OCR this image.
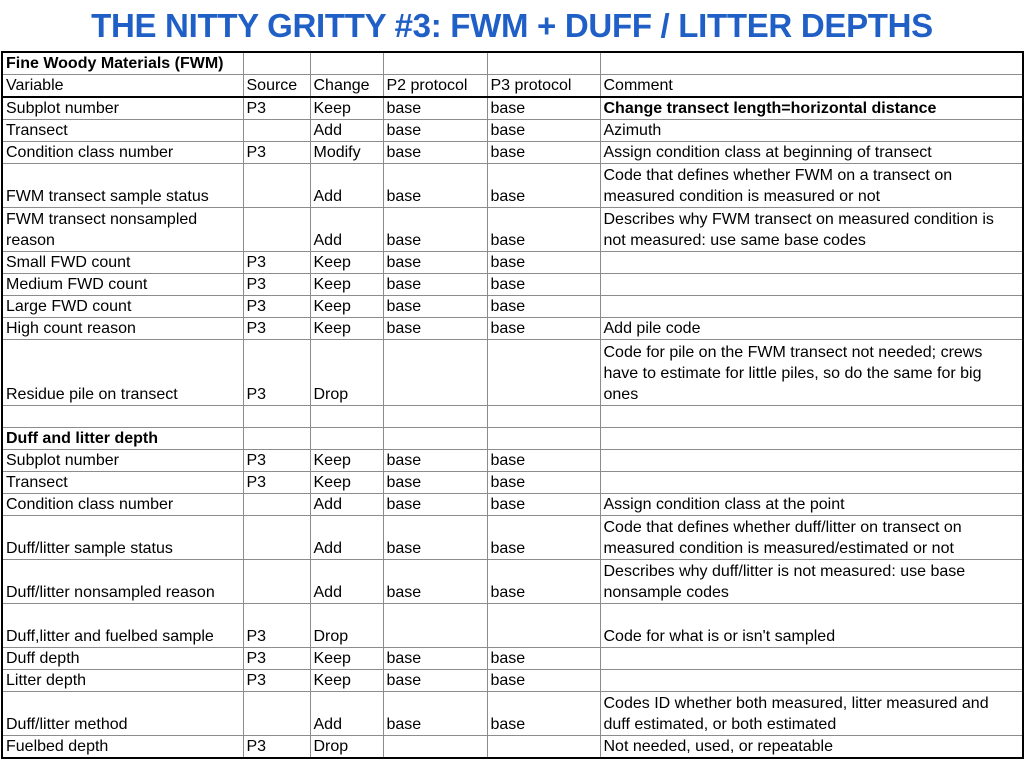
THE NITTY GRITTY #3: FWM + DUFF / LITTER DEPTHS
Fine Woody Materials (FWM)					
Variable	Source	Change	P2 protocol	P3 protocol	Comment
Subplot number	P3	Keep	base	base	Change transect length=horizontal distance
Transect		Add	base	base	Azimuth
Condition class number	P3	Modify	base	base	Assign condition class at beginning of transect
FWM transect sample status		Add	base	base	Code that defines whether FWM on a transect on measured condition is measured or not
FWM transect nonsampled reason		Add	base	base	Describes why FWM transect on measured condition is not measured: use same base codes
Small FWD count	P3	Keep	base	base	
Medium FWD count	P3	Keep	base	base	
Large FWD count	P3	Keep	base	base	
High count reason	P3	Keep	base	base	Add pile code
Residue pile on transect	P3	Drop			Code for pile on the FWM transect not needed; crews have to estimate for little piles, so do the same for big ones

Duff and litter depth					
Subplot number	P3	Keep	base	base	
Transect	P3	Keep	base	base	
Condition class number		Add	base	base	Assign condition class at the point
Duff/litter sample status		Add	base	base	Code that defines whether duff/litter on transect on measured condition is measured/estimated or not
Duff/litter nonsampled reason		Add	base	base	Describes why duff/litter is not measured: use base nonsample codes
Duff,litter and fuelbed sample	P3	Drop			Code for what is or isn't sampled
Duff depth	P3	Keep	base	base	
Litter depth	P3	Keep	base	base	
Duff/litter method		Add	base	base	Codes ID whether both measured, litter measured and duff estimated, or both estimated
Fuelbed depth	P3	Drop			Not needed, used, or repeatable
